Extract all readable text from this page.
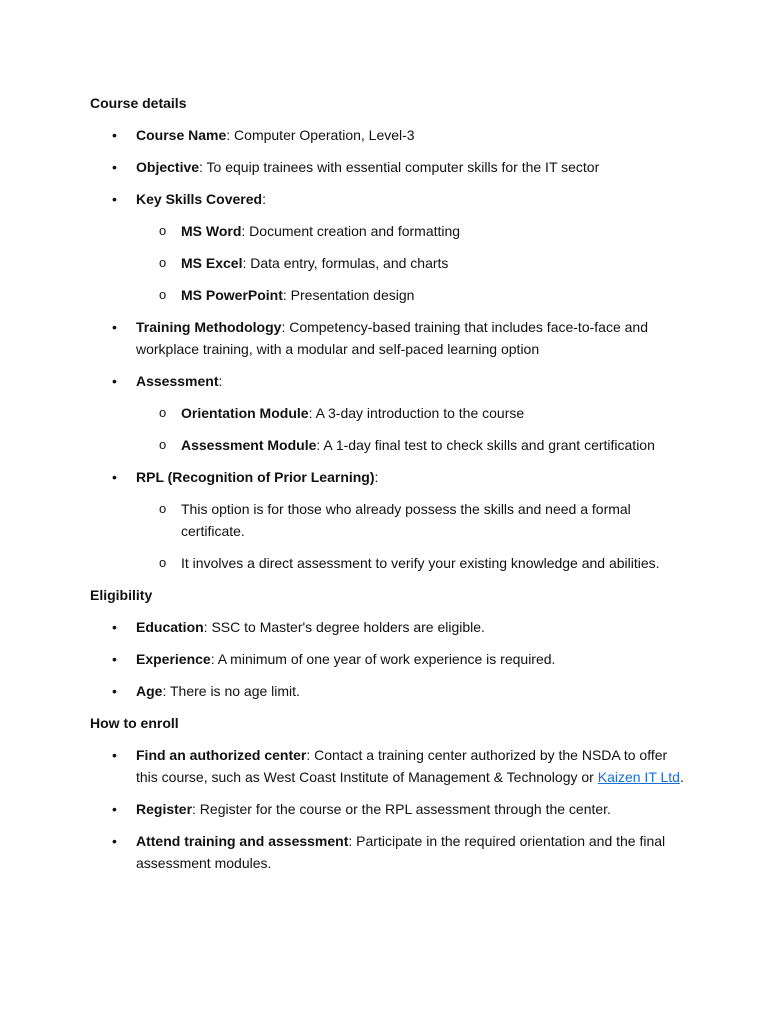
Course details
• Course Name: Computer Operation, Level-3
• Objective: To equip trainees with essential computer skills for the IT sector
• Key Skills Covered:
o MS Word: Document creation and formatting
o MS Excel: Data entry, formulas, and charts
o MS PowerPoint: Presentation design
• Training Methodology: Competency-based training that includes face-to-face and workplace training, with a modular and self-paced learning option
• Assessment:
o Orientation Module: A 3-day introduction to the course
o Assessment Module: A 1-day final test to check skills and grant certification
• RPL (Recognition of Prior Learning):
o This option is for those who already possess the skills and need a formal certificate.
o It involves a direct assessment to verify your existing knowledge and abilities.
Eligibility
• Education: SSC to Master's degree holders are eligible.
• Experience: A minimum of one year of work experience is required.
• Age: There is no age limit.
How to enroll
• Find an authorized center: Contact a training center authorized by the NSDA to offer this course, such as West Coast Institute of Management & Technology or Kaizen IT Ltd.
• Register: Register for the course or the RPL assessment through the center.
• Attend training and assessment: Participate in the required orientation and the final assessment modules.
